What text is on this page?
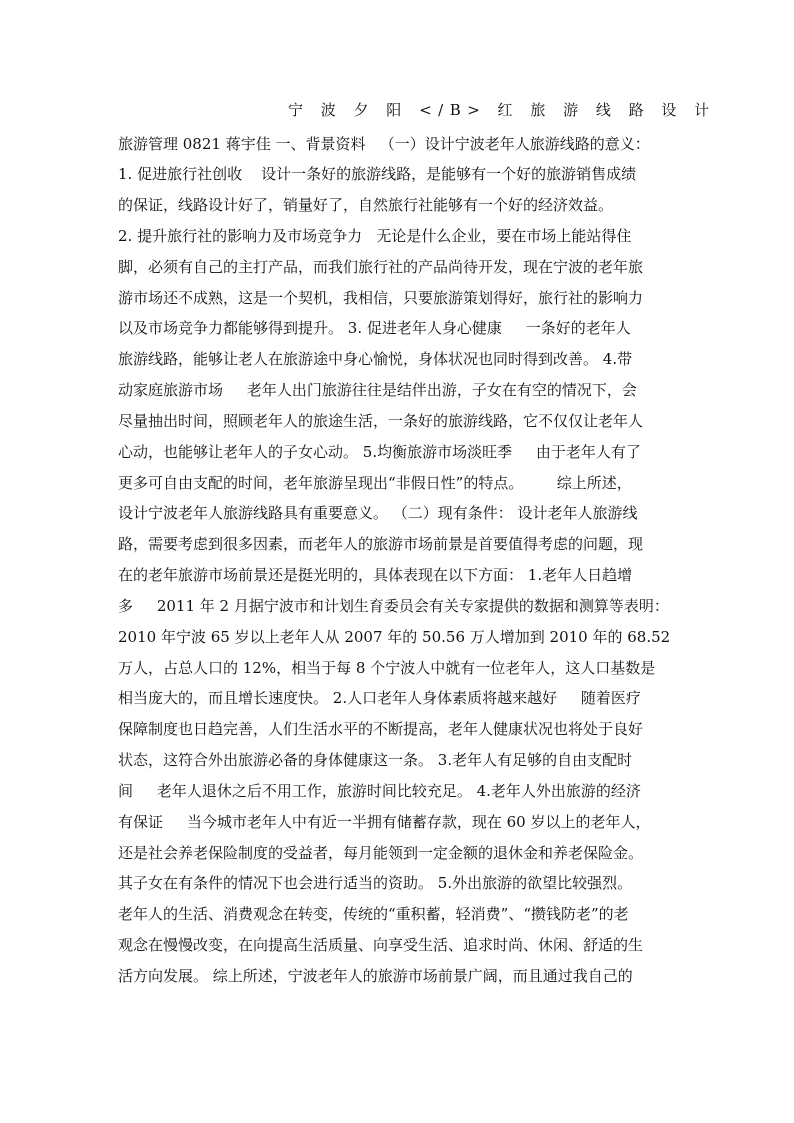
宁 波 夕 阳 </B> 红 旅 游 线 路 设 计
旅游管理 0821 蒋宇佳 一、背景资料   （一）设计宁波老年人旅游线路的意义：
1. 促进旅行社创收    设计一条好的旅游线路，是能够有一个好的旅游销售成绩
的保证，线路设计好了，销量好了，自然旅行社能够有一个好的经济效益。
2. 提升旅行社的影响力及市场竞争力   无论是什么企业，要在市场上能站得住
脚，必须有自己的主打产品，而我们旅行社的产品尚待开发，现在宁波的老年旅
游市场还不成熟，这是一个契机，我相信，只要旅游策划得好，旅行社的影响力
以及市场竞争力都能够得到提升。 3. 促进老年人身心健康     一条好的老年人
旅游线路，能够让老人在旅游途中身心愉悦，身体状况也同时得到改善。 4.带
动家庭旅游市场     老年人出门旅游往往是结伴出游，子女在有空的情况下，会
尽量抽出时间，照顾老年人的旅途生活，一条好的旅游线路，它不仅仅让老年人
心动，也能够让老年人的子女心动。 5.均衡旅游市场淡旺季     由于老年人有了
更多可自由支配的时间，老年旅游呈现出“非假日性”的特点。       综上所述，
设计宁波老年人旅游线路具有重要意义。 （二）现有条件： 设计老年人旅游线
路，需要考虑到很多因素，而老年人的旅游市场前景是首要值得考虑的问题，现
在的老年旅游市场前景还是挺光明的，具体表现在以下方面： 1.老年人日趋增
多     2011 年 2 月据宁波市和计划生育委员会有关专家提供的数据和测算等表明：
2010 年宁波 65 岁以上老年人从 2007 年的 50.56 万人增加到 2010 年的 68.52
万人，占总人口的 12%，相当于每 8 个宁波人中就有一位老年人，这人口基数是
相当庞大的，而且增长速度快。 2.人口老年人身体素质将越来越好     随着医疗
保障制度也日趋完善，人们生活水平的不断提高，老年人健康状况也将处于良好
状态，这符合外出旅游必备的身体健康这一条。 3.老年人有足够的自由支配时
间     老年人退休之后不用工作，旅游时间比较充足。 4.老年人外出旅游的经济
有保证     当今城市老年人中有近一半拥有储蓄存款，现在 60 岁以上的老年人，
还是社会养老保险制度的受益者，每月能领到一定金额的退休金和养老保险金。
其子女在有条件的情况下也会进行适当的资助。 5.外出旅游的欲望比较强烈。
老年人的生活、消费观念在转变，传统的“重积蓄，轻消费”、“攒钱防老”的老
观念在慢慢改变，在向提高生活质量、向享受生活、追求时尚、休闲、舒适的生
活方向发展。 综上所述，宁波老年人的旅游市场前景广阔，而且通过我自己的
